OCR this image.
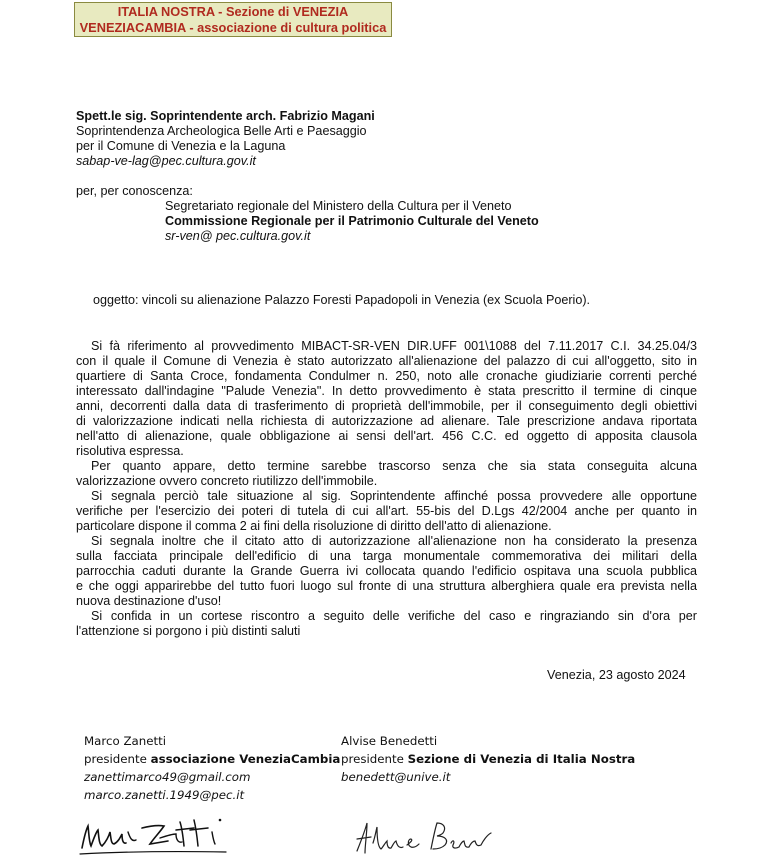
ITALIA NOSTRA - Sezione di VENEZIA
VENEZIACAMBIA - associazione di cultura politica
Spett.le sig. Soprintendente arch. Fabrizio Magani
Soprintendenza Archeologica Belle Arti e Paesaggio
per il Comune di Venezia e la Laguna
sabap-ve-lag@pec.cultura.gov.it
per, per conoscenza:
Segretariato regionale del Ministero della Cultura per il Veneto
Commissione Regionale per il Patrimonio Culturale del Veneto
sr-ven@ pec.cultura.gov.it
oggetto: vincoli su alienazione Palazzo Foresti Papadopoli in Venezia (ex Scuola Poerio).

Si fà riferimento al provvedimento MIBACT-SR-VEN DIR.UFF 001\1088 del 7.11.2017 C.I. 34.25.04/3
con il quale il Comune di Venezia è stato autorizzato all'alienazione del palazzo di cui all'oggetto, sito in
quartiere di Santa Croce, fondamenta Condulmer n. 250, noto alle cronache giudiziarie correnti perché
interessato dall'indagine "Palude Venezia". In detto provvedimento è stata prescritto il termine di cinque
anni, decorrenti dalla data di trasferimento di proprietà dell'immobile, per il conseguimento degli obiettivi
di valorizzazione indicati nella richiesta di autorizzazione ad alienare. Tale prescrizione andava riportata
nell'atto di alienazione, quale obbligazione ai sensi dell'art. 456 C.C. ed oggetto di apposita clausola
risolutiva espressa.

Per quanto appare, detto termine sarebbe trascorso senza che sia stata conseguita alcuna
valorizzazione ovvero concreto riutilizzo dell'immobile.

Si segnala perciò tale situazione al sig. Soprintendente affinché possa provvedere alle opportune
verifiche per l'esercizio dei poteri di tutela di cui all'art. 55-bis del D.Lgs 42/2004 anche per quanto in
particolare dispone il comma 2 ai fini della risoluzione di diritto dell'atto di alienazione.

Si segnala inoltre che il citato atto di autorizzazione all'alienazione non ha considerato la presenza
sulla facciata principale dell'edificio di una targa monumentale commemorativa dei militari della
parrocchia caduti durante la Grande Guerra ivi collocata quando l'edificio ospitava una scuola pubblica
e che oggi apparirebbe del tutto fuori luogo sul fronte di una struttura alberghiera quale era prevista nella
nuova destinazione d'uso!

Si confida in un cortese riscontro a seguito delle verifiche del caso e ringraziando sin d'ora per
l'attenzione si porgono i più distinti saluti

Venezia, 23 agosto 2024
Marco Zanetti
presidente associazione VeneziaCambia
zanettimarco49@gmail.com
marco.zanetti.1949@pec.it
Alvise Benedetti
presidente Sezione di Venezia di Italia Nostra
benedett@unive.it
